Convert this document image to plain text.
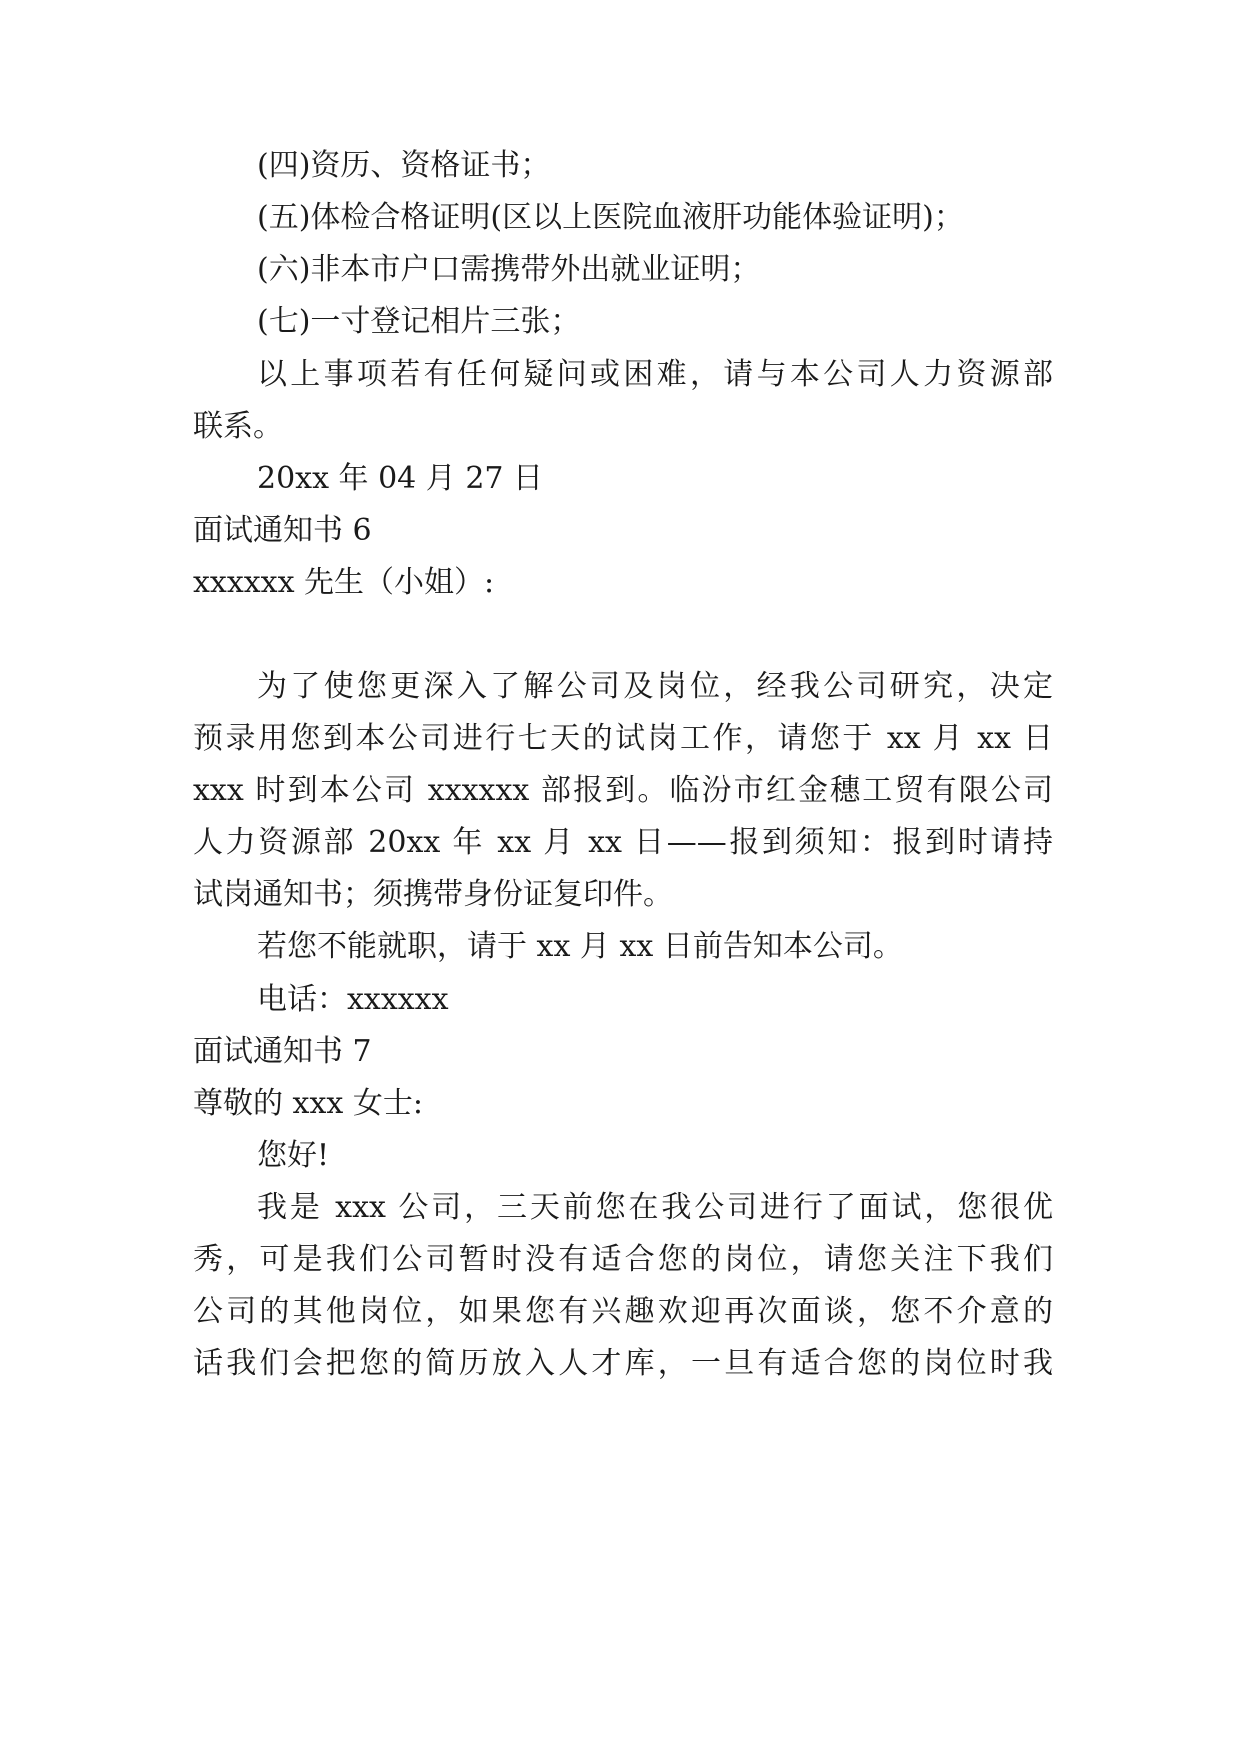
(四)资历、资格证书；
(五)体检合格证明(区以上医院血液肝功能体验证明)；
(六)非本市户口需携带外出就业证明；
(七)一寸登记相片三张；
以上事项若有任何疑问或困难，请与本公司人力资源部
联系。
20xx 年 04 月 27 日
面试通知书 6
xxxxxx 先生（小姐）:
为了使您更深入了解公司及岗位，经我公司研究，决定
预录用您到本公司进行七天的试岗工作，请您于 xx 月 xx 日
xxx 时到本公司 xxxxxx 部报到。临汾市红金穗工贸有限公司
人力资源部 20xx 年 xx 月 xx 日——报到须知：报到时请持
试岗通知书；须携带身份证复印件。
若您不能就职，请于 xx 月 xx 日前告知本公司。
电话：xxxxxx
面试通知书 7
尊敬的 xxx 女士:
您好!
我是 xxx 公司，三天前您在我公司进行了面试，您很优
秀，可是我们公司暂时没有适合您的岗位，请您关注下我们
公司的其他岗位，如果您有兴趣欢迎再次面谈，您不介意的
话我们会把您的简历放入人才库，一旦有适合您的岗位时我
